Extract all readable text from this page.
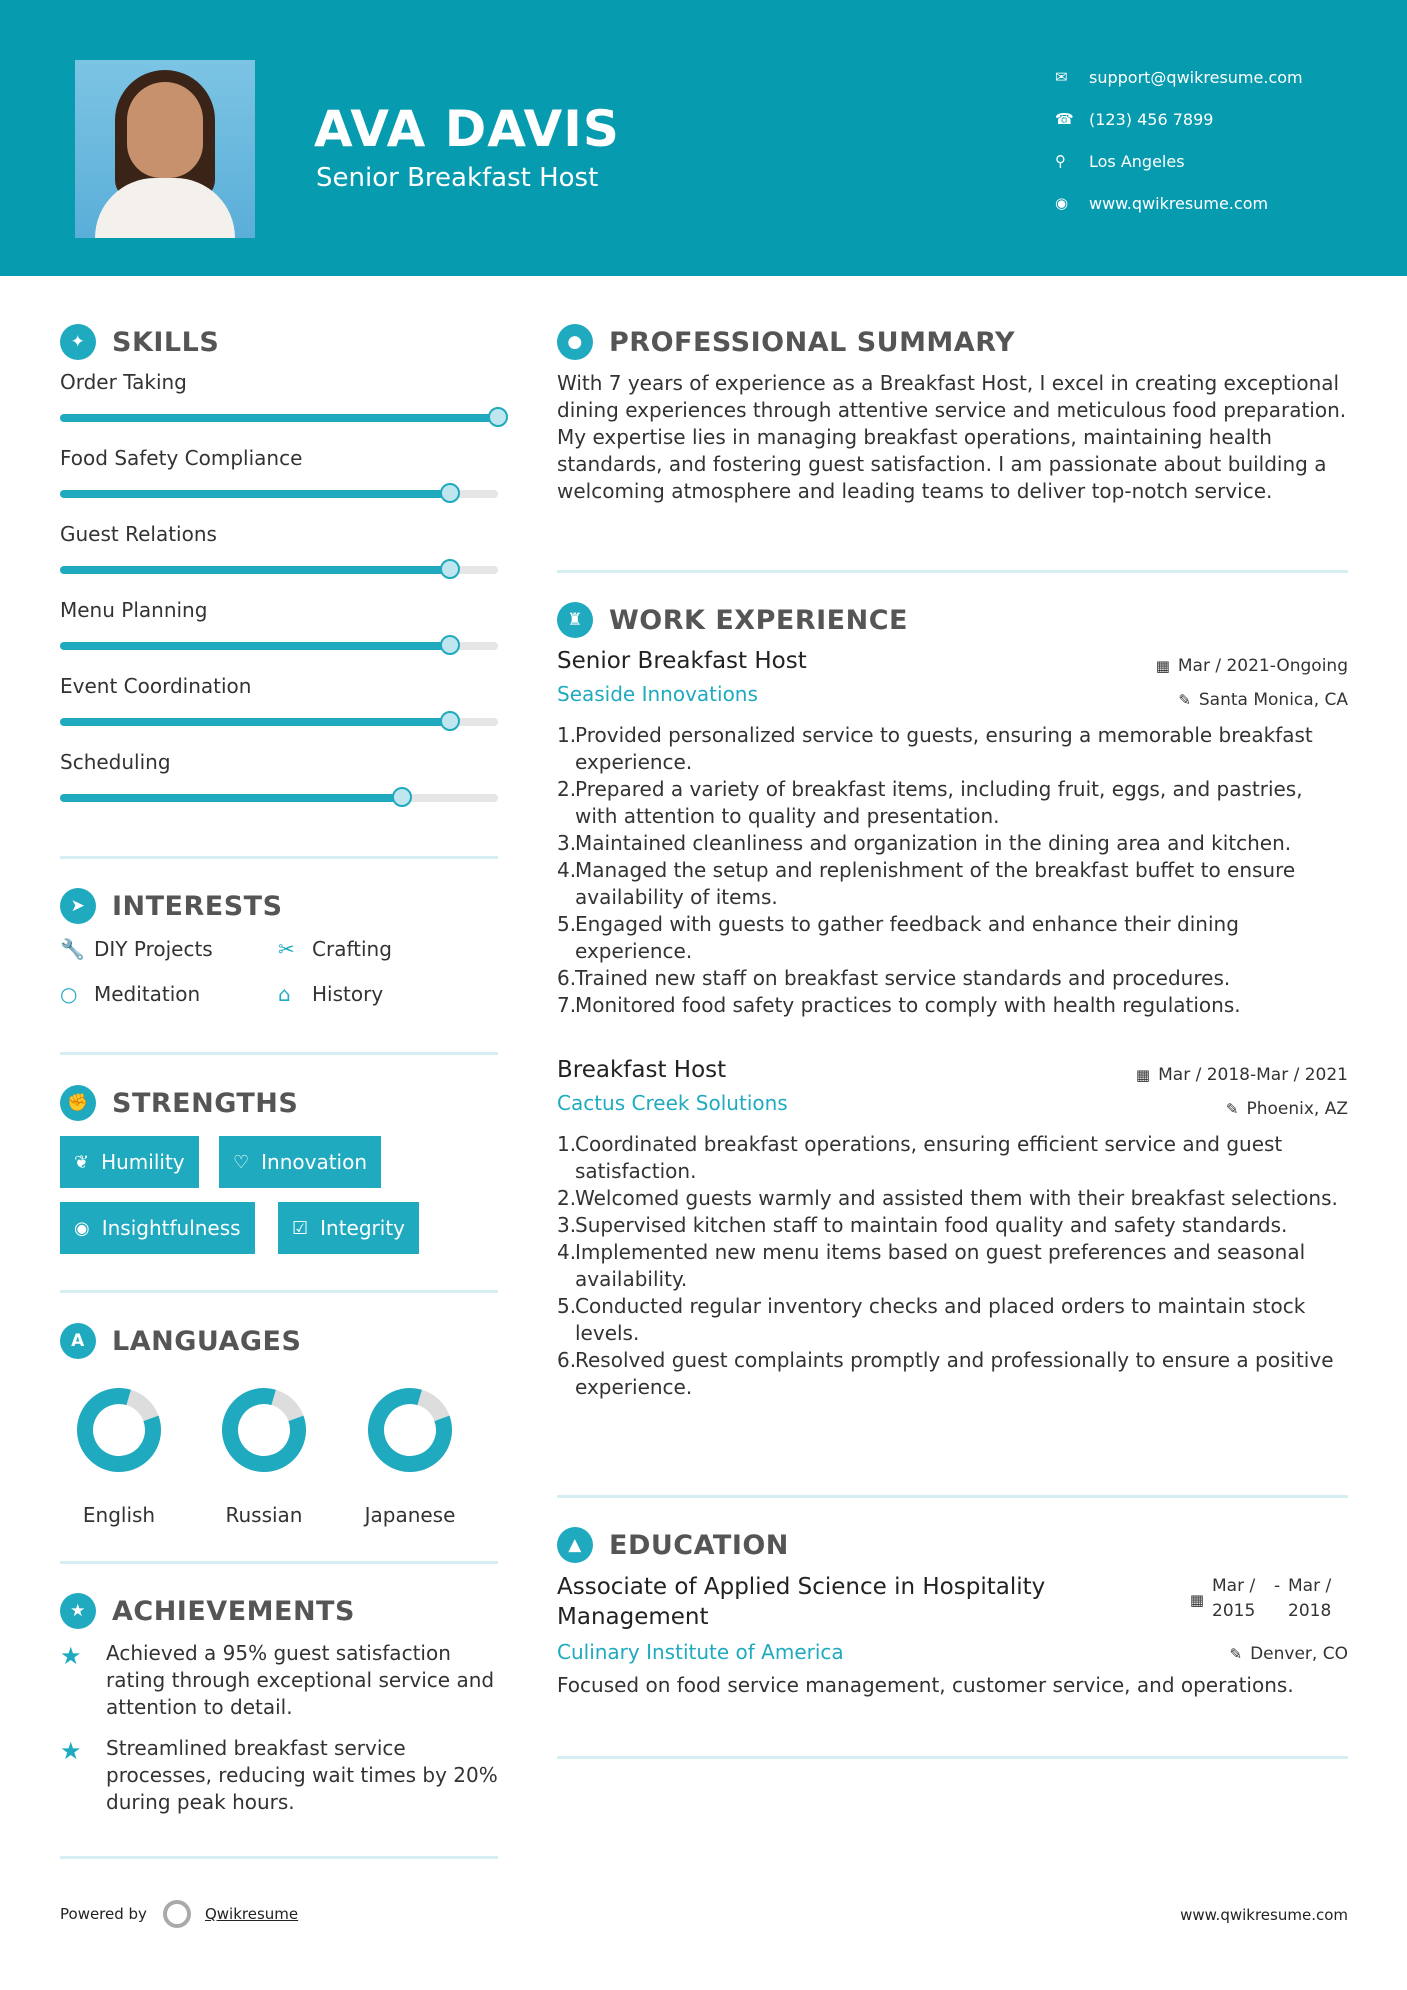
AVA DAVIS
Senior Breakfast Host
✉	support@qwikresume.com
☎ (123) 456 7899
⚲	Los Angeles
◉	www.qwikresume.com
✦ SKILLS
Order Taking
Food Safety Compliance
Guest Relations
Menu Planning
Event Coordination
Scheduling
➤ INTERESTS
🔧 DIY Projects	✂ Crafting
○ Meditation	⌂	History
✊ STRENGTHS
❦ Humility	♡ Innovation
◉ Insightfulness	☑ Integrity
A	LANGUAGES
English	Russian	Japanese
★ ACHIEVEMENTS
★	Achieved a 95% guest satisfaction rating through exceptional service and attention to detail.
★	Streamlined breakfast service processes, reducing wait times by 20% during peak hours.
● PROFESSIONAL SUMMARY
With 7 years of experience as a Breakfast Host, I excel in creating exceptional dining experiences through attentive service and meticulous food preparation. My expertise lies in managing breakfast operations, maintaining health standards, and fostering guest satisfaction. I am passionate about building a welcoming atmosphere and leading teams to deliver top-notch service.
♜ WORK EXPERIENCE
Senior Breakfast Host	▦ Mar / 2021-Ongoing
Seaside Innovations	✎ Santa Monica, CA
1.
Provided personalized service to guests, ensuring a memorable breakfast experience.
2.
Prepared a variety of breakfast items, including fruit, eggs, and pastries, with attention to quality and presentation.
3.
Maintained cleanliness and organization in the dining area and kitchen.
4.
Managed the setup and replenishment of the breakfast buffet to ensure availability of items.
5.
Engaged with guests to gather feedback and enhance their dining experience.
6.
Trained new staff on breakfast service standards and procedures.
7.
Monitored food safety practices to comply with health regulations.
Breakfast Host	▦ Mar / 2018-Mar / 2021
Cactus Creek Solutions	✎ Phoenix, AZ
1.
Coordinated breakfast operations, ensuring efficient service and guest satisfaction.
2.
Welcomed guests warmly and assisted them with their breakfast selections.
3.
Supervised kitchen staff to maintain food quality and safety standards.
4.
Implemented new menu items based on guest preferences and seasonal availability.
5.
Conducted regular inventory checks and placed orders to maintain stock levels.
6.
Resolved guest complaints promptly and professionally to ensure a positive experience.
▲	EDUCATION
Associate of Applied Science in Hospitality Management
▦
Mar / 2015
- Mar / 2018
Culinary Institute of America	✎ Denver, CO
Focused on food service management, customer service, and operations.
Powered by	Qwikresume	www.qwikresume.com
